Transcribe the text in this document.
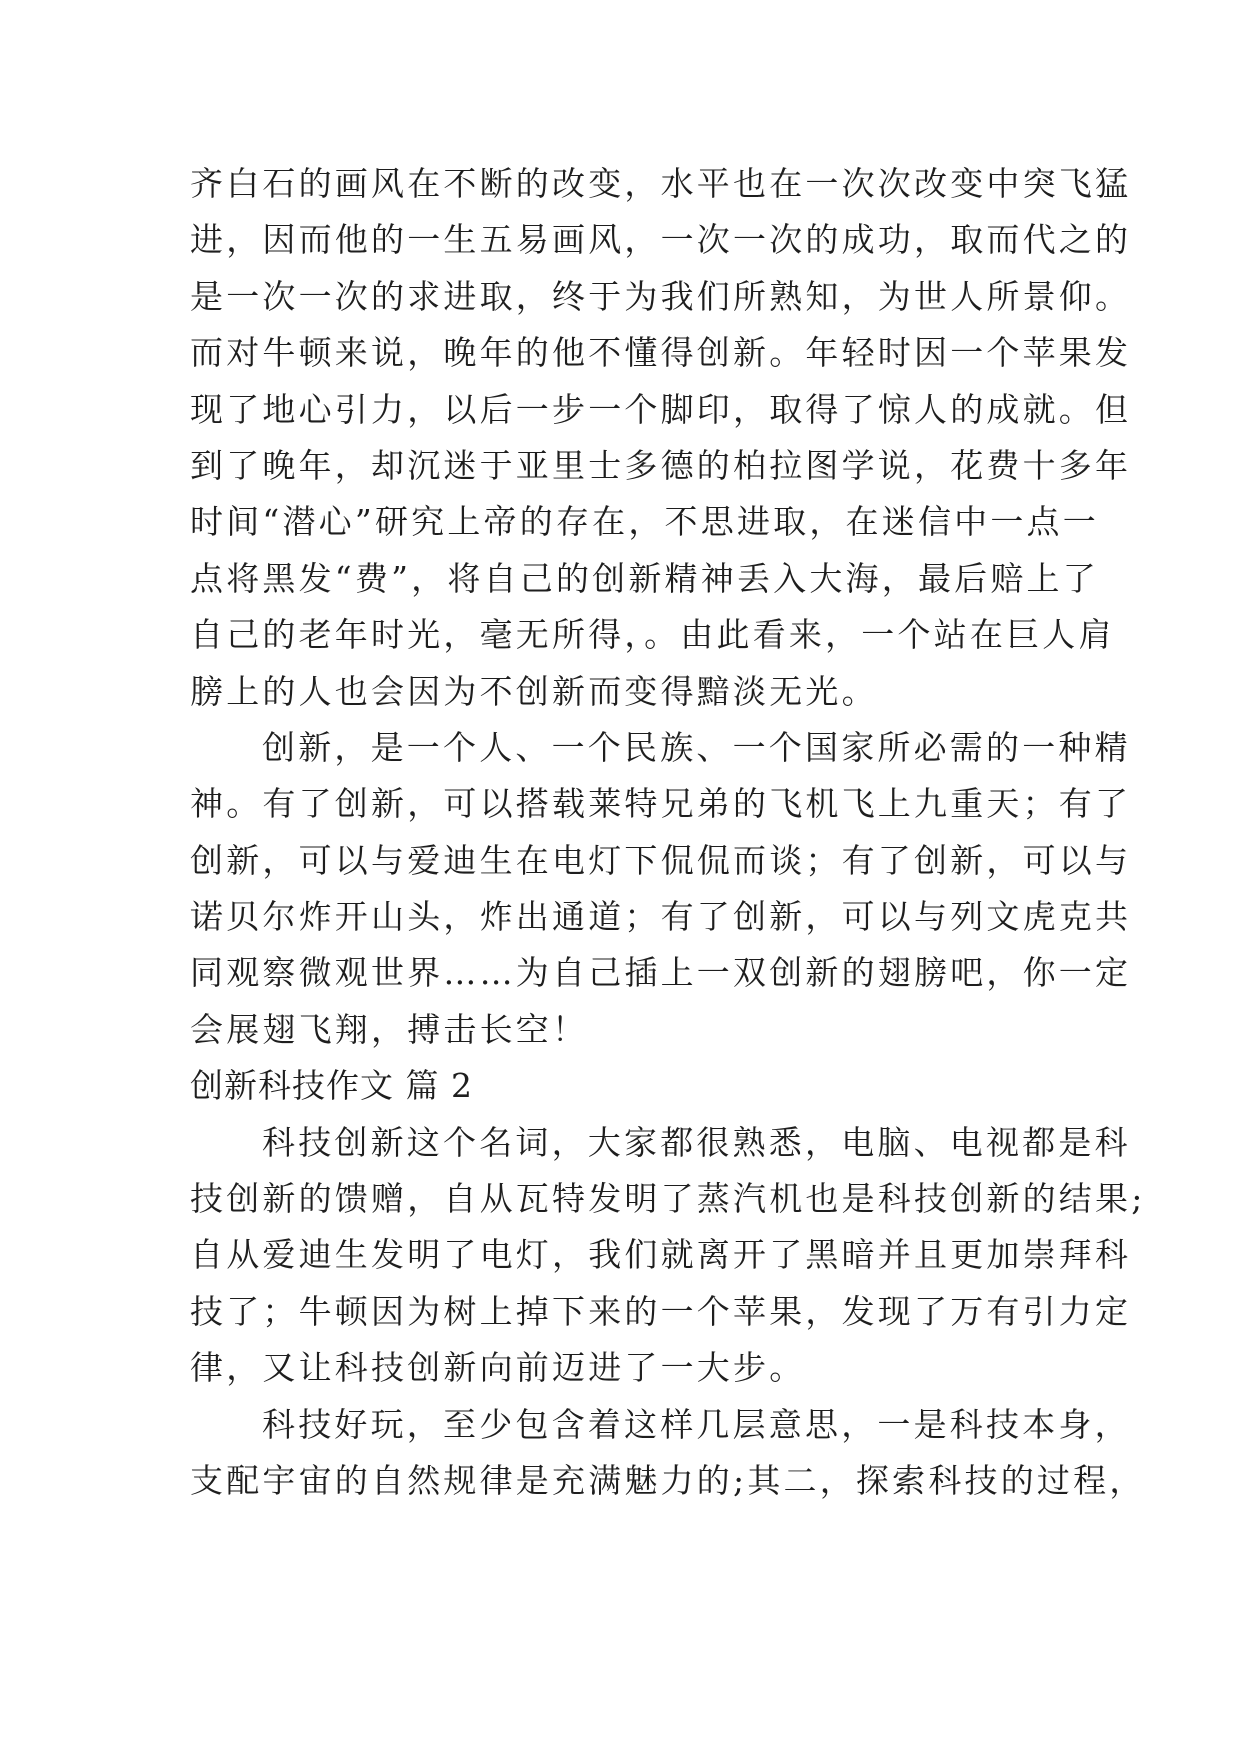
齐白石的画风在不断的改变，水平也在一次次改变中突飞猛
进，因而他的一生五易画风，一次一次的成功，取而代之的
是一次一次的求进取，终于为我们所熟知，为世人所景仰。
而对牛顿来说，晚年的他不懂得创新。年轻时因一个苹果发
现了地心引力，以后一步一个脚印，取得了惊人的成就。但
到了晚年，却沉迷于亚里士多德的柏拉图学说，花费十多年
时间“潜心”研究上帝的存在，不思进取，在迷信中一点一
点将黑发“费”，将自己的创新精神丢入大海，最后赔上了
自己的老年时光，毫无所得，。由此看来，一个站在巨人肩
膀上的人也会因为不创新而变得黯淡无光。
创新，是一个人、一个民族、一个国家所必需的一种精
神。有了创新，可以搭载莱特兄弟的飞机飞上九重天；有了
创新，可以与爱迪生在电灯下侃侃而谈；有了创新，可以与
诺贝尔炸开山头，炸出通道；有了创新，可以与列文虎克共
同观察微观世界……为自己插上一双创新的翅膀吧，你一定
会展翅飞翔，搏击长空！
创新科技作文 篇 2
科技创新这个名词，大家都很熟悉，电脑、电视都是科
技创新的馈赠，自从瓦特发明了蒸汽机也是科技创新的结果;
自从爱迪生发明了电灯，我们就离开了黑暗并且更加崇拜科
技了；牛顿因为树上掉下来的一个苹果，发现了万有引力定
律，又让科技创新向前迈进了一大步。
科技好玩，至少包含着这样几层意思，一是科技本身，
支配宇宙的自然规律是充满魅力的;其二，探索科技的过程，
